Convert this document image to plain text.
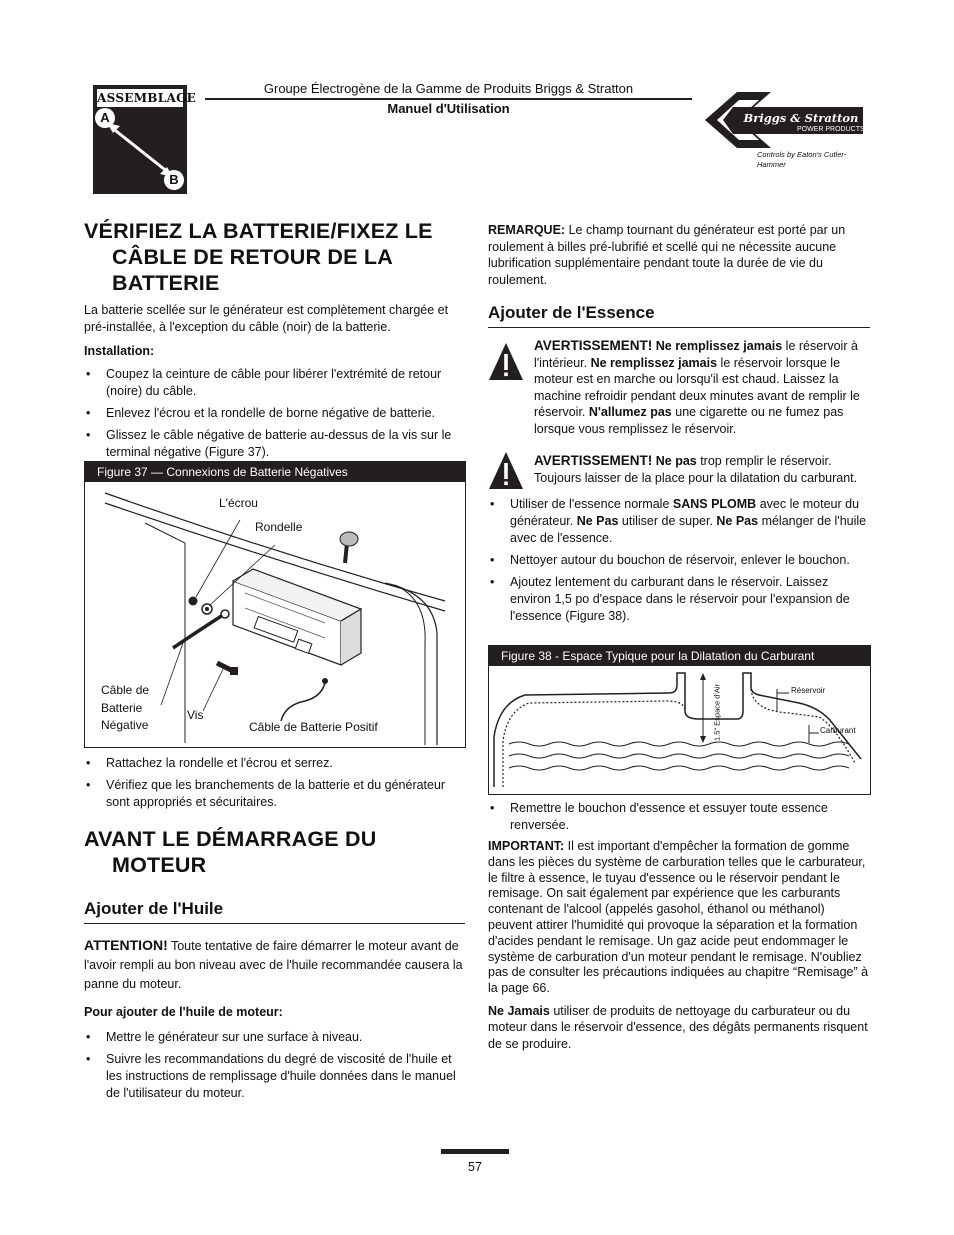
ASSEMBLAGE
A
B
Groupe Électrogène de la Gamme de Produits Briggs & Stratton
Manuel d'Utilisation
Briggs & Stratton
POWER PRODUCTS
Controls by Eaton's Cutler-Hammer
VÉRIFIEZ LA BATTERIE/FIXEZ LE CÂBLE DE RETOUR DE LA BATTERIE

La batterie scellée sur le générateur est complètement chargée et pré-installée, à l'exception du câble (noir) de la batterie.

Installation:

• Coupez la ceinture de câble pour libérer l'extrémité de retour (noire) du câble.
• Enlevez l'écrou et la rondelle de borne négative de batterie.
• Glissez le câble négative de batterie au-dessus de la vis sur le terminal négative (Figure 37).
Figure 37 — Connexions de Batterie Négatives
L'écrou
Rondelle
Câble de Batterie Négative
Vis
Câble de Batterie Positif
• Rattachez la rondelle et l'écrou et serrez.
• Vérifiez que les branchements de la batterie et du générateur sont appropriés et sécuritaires.
AVANT LE DÉMARRAGE DU MOTEUR
Ajouter de l'Huile

ATTENTION! Toute tentative de faire démarrer le moteur avant de l'avoir rempli au bon niveau avec de l'huile recommandée causera la panne du moteur.

Pour ajouter de l'huile de moteur:

• Mettre le générateur sur une surface à niveau.
• Suivre les recommandations du degré de viscosité de l'huile et les instructions de remplissage d'huile données dans le manuel de l'utilisateur du moteur.

REMARQUE: Le champ tournant du générateur est porté par un roulement à billes pré-lubrifié et scellé qui ne nécessite aucune lubrification supplémentaire pendant toute la durée de vie du roulement.

Ajouter de l'Essence

AVERTISSEMENT! Ne remplissez jamais le réservoir à l'intérieur. Ne remplissez jamais le réservoir lorsque le moteur est en marche ou lorsqu'il est chaud. Laissez la machine refroidir pendant deux minutes avant de remplir le réservoir. N'allumez pas une cigarette ou ne fumez pas lorsque vous remplissez le réservoir.

AVERTISSEMENT! Ne pas trop remplir le réservoir. Toujours laisser de la place pour la dilatation du carburant.

• Utiliser de l'essence normale SANS PLOMB avec le moteur du générateur. Ne Pas utiliser de super. Ne Pas mélanger de l'huile avec de l'essence.
• Nettoyer autour du bouchon de réservoir, enlever le bouchon.
• Ajoutez lentement du carburant dans le réservoir. Laissez environ 1,5 po d'espace dans le réservoir pour l'expansion de l'essence (Figure 38).
Figure 38 - Espace Typique pour la Dilatation du Carburant
Réservoir
Carburant
1.5" Espace d'Air
• Remettre le bouchon d'essence et essuyer toute essence renversée.

IMPORTANT: Il est important d'empêcher la formation de gomme dans les pièces du système de carburation telles que le carburateur, le filtre à essence, le tuyau d'essence ou le réservoir pendant le remisage. On sait également par expérience que les carburants contenant de l'alcool (appelés gasohol, éthanol ou méthanol) peuvent attirer l'humidité qui provoque la séparation et la formation d'acides pendant le remisage. Un gaz acide peut endommager le système de carburation d'un moteur pendant le remisage. N'oubliez pas de consulter les précautions indiquées au chapitre “Remisage” à la page 66.

Ne Jamais utiliser de produits de nettoyage du carburateur ou du moteur dans le réservoir d'essence, des dégâts permanents risquent de se produire.

57
